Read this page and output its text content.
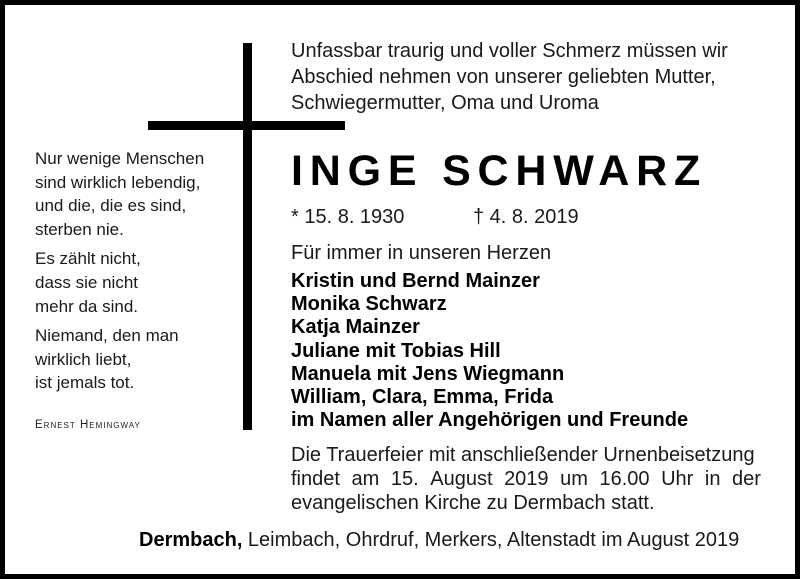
Unfassbar traurig und voller Schmerz müssen wir
Abschied nehmen von unserer geliebten Mutter,
Schwiegermutter, Oma und Uroma
INGE SCHWARZ
* 15. 8. 1930	† 4. 8. 2019
Für immer in unseren Herzen
Kristin und Bernd Mainzer
Monika Schwarz
Katja Mainzer
Juliane mit Tobias Hill
Manuela mit Jens Wiegmann
William, Clara, Emma, Frida
im Namen aller Angehörigen und Freunde
Die Trauerfeier mit anschließender Urnenbeisetzung
findet am 15. August 2019 um 16.00 Uhr in der
evangelischen Kirche zu Dermbach statt.
Dermbach, Leimbach, Ohrdruf, Merkers, Altenstadt im August 2019
Nur wenige Menschen
sind wirklich lebendig,
und die, die es sind,
sterben nie.
Es zählt nicht,
dass sie nicht
mehr da sind.
Niemand, den man
wirklich liebt,
ist jemals tot.
Ernest Hemingway
